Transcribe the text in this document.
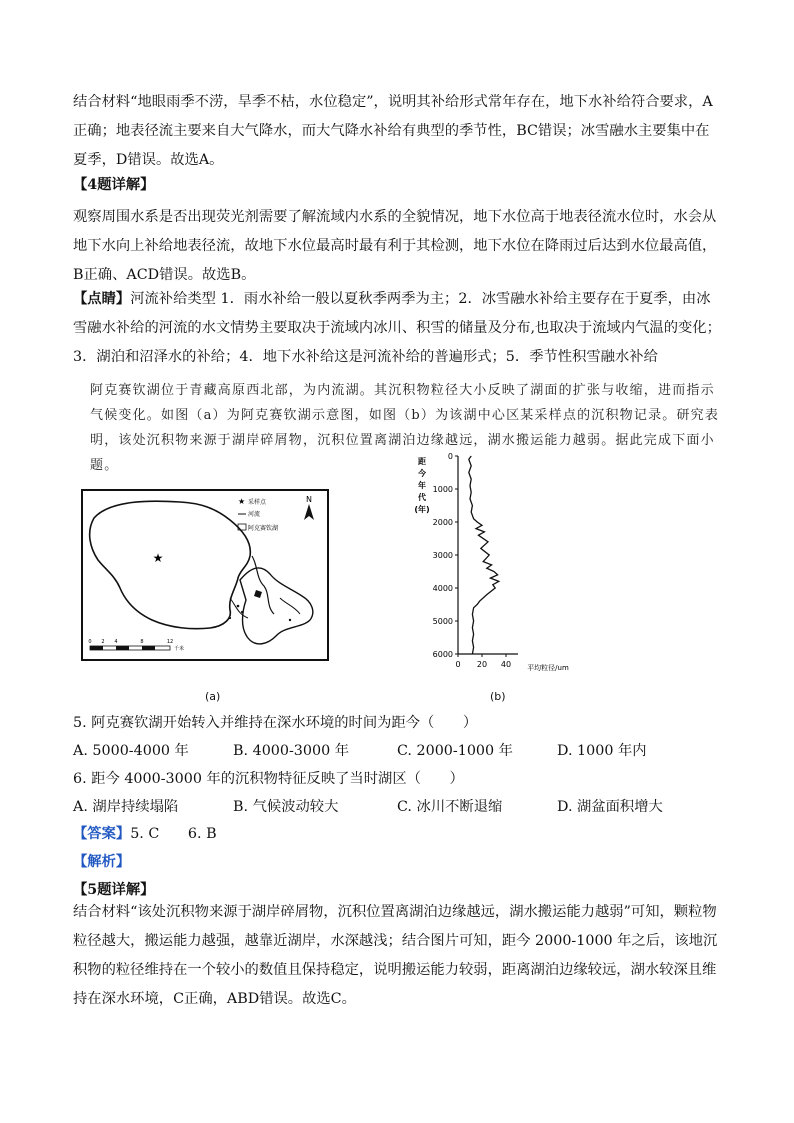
结合材料“地眼雨季不涝，旱季不枯，水位稳定”，说明其补给形式常年存在，地下水补给符合要求，A正确；地表径流主要来自大气降水，而大气降水补给有典型的季节性，BC错误；冰雪融水主要集中在夏季，D错误。故选A。

【4题详解】

观察周围水系是否出现荧光剂需要了解流域内水系的全貌情况，地下水位高于地表径流水位时，水会从地下水向上补给地表径流，故地下水位最高时最有利于其检测，地下水位在降雨过后达到水位最高值，B正确、ACD错误。故选B。

【点睛】河流补给类型 1．雨水补给一般以夏秋季两季为主；2．冰雪融水补给主要存在于夏季，由冰雪融水补给的河流的水文情势主要取决于流域内冰川、积雪的储量及分布,也取决于流域内气温的变化；3．湖泊和沼泽水的补给；4．地下水补给这是河流补给的普遍形式；5．季节性积雪融水补给

阿克赛钦湖位于青藏高原西北部，为内流湖。其沉积物粒径大小反映了湖面的扩张与收缩，进而指示气候变化。如图（a）为阿克赛钦湖示意图，如图（b）为该湖中心区某采样点的沉积物记录。研究表明，该处沉积物来源于湖岸碎屑物，沉积位置离湖泊边缘越远，湖水搬运能力越弱。据此完成下面小题。

★
★ 采样点
河流
阿克赛钦湖
N
0 2 4	8	12
千米
(a)
距
今
年
代
(年)
0
1000
2000
3000
4000
5000
6000
0 20 40 平均粒径/um
(b)
5. 阿克赛钦湖开始转入并维持在深水环境的时间为距今（　　）
A. 5000-4000 年	B. 4000-3000 年	C. 2000-1000 年	D. 1000 年内
6. 距今 4000-3000 年的沉积物特征反映了当时湖区（　　）
A. 湖岸持续塌陷	B. 气候波动较大	C. 冰川不断退缩	D. 湖盆面积增大
【答案】5. C　　6. B
【解析】
【5题详解】

结合材料“该处沉积物来源于湖岸碎屑物，沉积位置离湖泊边缘越远，湖水搬运能力越弱”可知，颗粒物粒径越大，搬运能力越强，越靠近湖岸，水深越浅；结合图片可知，距今 2000-1000 年之后，该地沉积物的粒径维持在一个较小的数值且保持稳定，说明搬运能力较弱，距离湖泊边缘较远，湖水较深且维持在深水环境，C正确，ABD错误。故选C。
